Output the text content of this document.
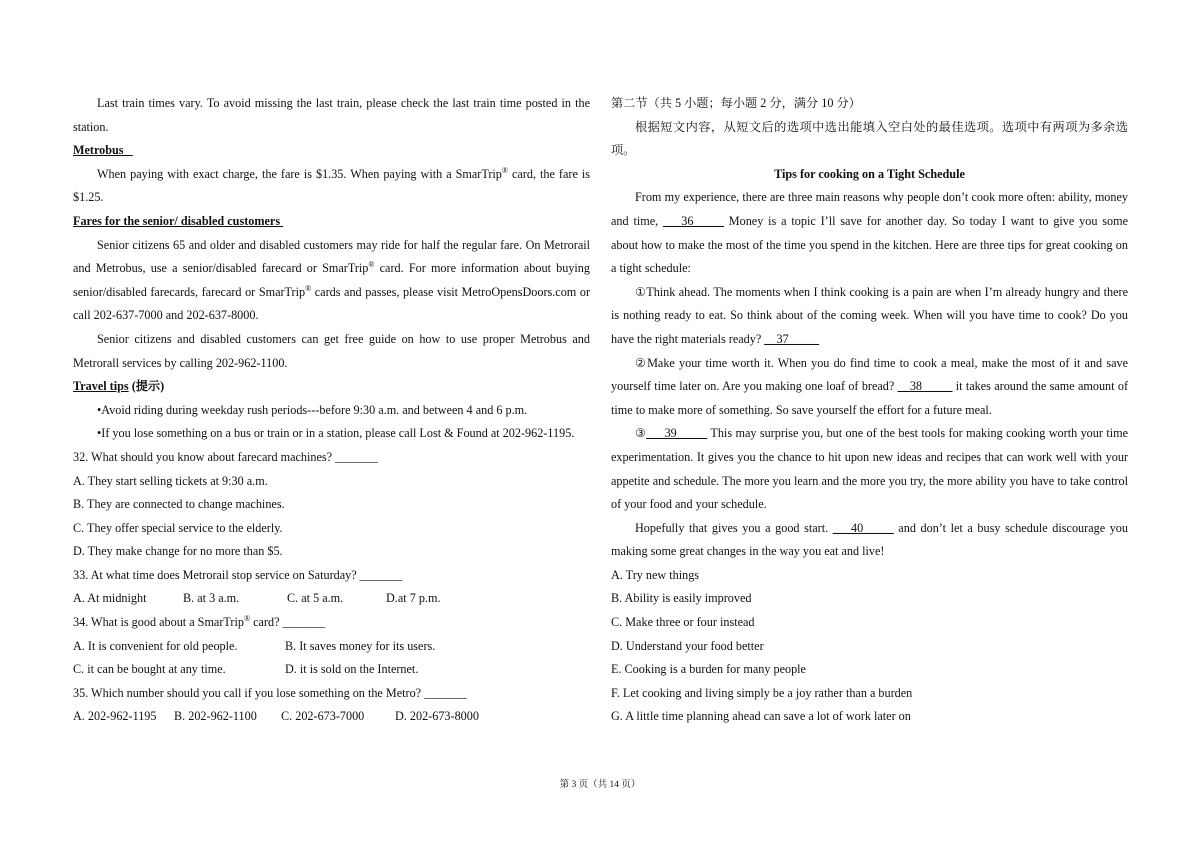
Last train times vary. To avoid missing the last train, please check the last train time posted in the
station.
Metrobus
When paying with exact charge, the fare is $1.35. When paying with a SmarTrip® card, the fare is
$1.25.
Fares for the senior/ disabled customers
Senior citizens 65 and older and disabled customers may ride for half the regular fare. On Metrorail
and Metrobus, use a senior/disabled farecard or SmarTrip® card. For more information about buying
senior/disabled farecards, farecard or SmarTrip® cards and passes, please visit MetroOpensDoors.com or
call 202-637-7000 and 202-637-8000.
Senior citizens and disabled customers can get free guide on how to use proper Metrobus and
Metrorall services by calling 202-962-1100.
Travel tips (提示)
•Avoid riding during weekday rush periods---before 9:30 a.m. and between 4 and 6 p.m.
•If you lose something on a bus or train or in a station, please call Lost & Found at 202-962-1195.
32. What should you know about farecard machines? _______
A. They start selling tickets at 9:30 a.m.
B. They are connected to change machines.
C. They offer special service to the elderly.
D. They make change for no more than $5.
33. At what time does Metrorail stop service on Saturday? _______
A. At midnight	B. at 3 a.m.	C. at 5 a.m.	D.at 7 p.m.
34. What is good about a SmarTrip® card? _______
A. It is convenient for old people.	B. It saves money for its users.
C. it can be bought at any time.	D. it is sold on the Internet.
35. Which number should you call if you lose something on the Metro? _______
A. 202-962-1195 B. 202-962-1100 C. 202-673-7000	D. 202-673-8000
第二节（共 5 小题；每小题 2 分，满分 10 分）
根据短文内容，从短文后的选项中选出能填入空白处的最佳选项。选项中有两项为多余选
项。
Tips for cooking on a Tight Schedule
From my experience, there are three main reasons why people don’t cook more often: ability, money
and time, ___36_____ Money is a topic I’ll save for another day. So today I want to give you some
about how to make the most of the time you spend in the kitchen. Here are three tips for great cooking on
a tight schedule:
①Think ahead. The moments when I think cooking is a pain are when I’m already hungry and there
is nothing ready to eat. So think about of the coming week. When will you have time to cook? Do you
have the right materials ready? __37_____
②Make your time worth it. When you do find time to cook a meal, make the most of it and save
yourself time later on. Are you making one loaf of bread? __38_____ it takes around the same amount of
time to make more of something. So save yourself the effort for a future meal.
③___39_____ This may surprise you, but one of the best tools for making cooking worth your time
experimentation. It gives you the chance to hit upon new ideas and recipes that can work well with your
appetite and schedule. The more you learn and the more you try, the more ability you have to take control
of your food and your schedule.
Hopefully that gives you a good start. ___40_____ and don’t let a busy schedule discourage you
making some great changes in the way you eat and live!
A. Try new things
B. Ability is easily improved
C. Make three or four instead
D. Understand your food better
E. Cooking is a burden for many people
F. Let cooking and living simply be a joy rather than a burden
G. A little time planning ahead can save a lot of work later on
第 3 页（共 14 页）
